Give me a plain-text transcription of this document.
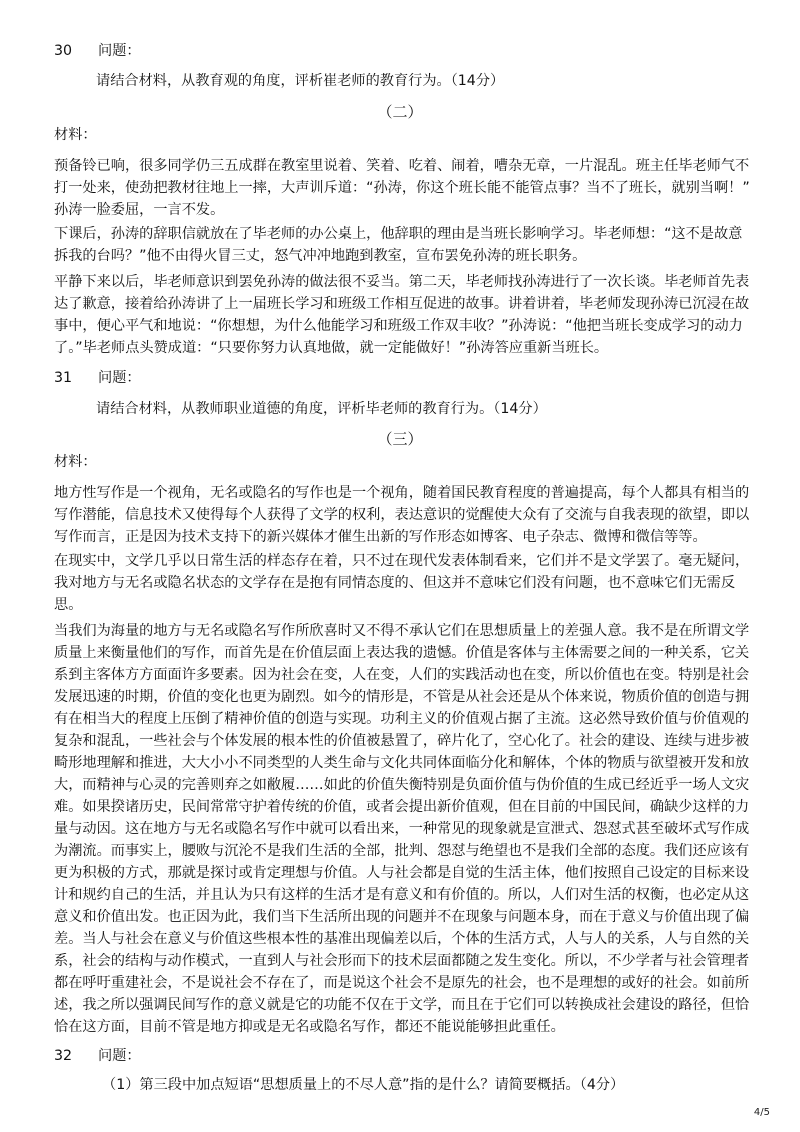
30 问题：
请结合材料，从教育观的角度，评析崔老师的教育行为。（14分）
（二）
材料：
预备铃已响，很多同学仍三五成群在教室里说着、笑着、吃着、闹着，嘈杂无章，一片混乱。班主任毕老师气不
打一处来，使劲把教材往地上一摔，大声训斥道：“孙涛，你这个班长能不能管点事？当不了班长，就别当啊！”
孙涛一脸委屈，一言不发。
下课后，孙涛的辞职信就放在了毕老师的办公桌上，他辞职的理由是当班长影响学习。毕老师想：“这不是故意
拆我的台吗？”他不由得火冒三丈，怒气冲冲地跑到教室，宣布罢免孙涛的班长职务。
平静下来以后，毕老师意识到罢免孙涛的做法很不妥当。第二天，毕老师找孙涛进行了一次长谈。毕老师首先表
达了歉意，接着给孙涛讲了上一届班长学习和班级工作相互促进的故事。讲着讲着，毕老师发现孙涛已沉浸在故
事中，便心平气和地说：“你想想，为什么他能学习和班级工作双丰收？”孙涛说：“他把当班长变成学习的动力
了。”毕老师点头赞成道：“只要你努力认真地做，就一定能做好！”孙涛答应重新当班长。
31 问题：
请结合材料，从教师职业道德的角度，评析毕老师的教育行为。（14分）
（三）
材料：
地方性写作是一个视角，无名或隐名的写作也是一个视角，随着国民教育程度的普遍提高，每个人都具有相当的
写作潜能，信息技术又使得每个人获得了文学的权利，表达意识的觉醒使大众有了交流与自我表现的欲望，即以
写作而言，正是因为技术支持下的新兴媒体才催生出新的写作形态如博客、电子杂志、微博和微信等等。
在现实中，文学几乎以日常生活的样态存在着，只不过在现代发表体制看来，它们并不是文学罢了。毫无疑问，
我对地方与无名或隐名状态的文学存在是抱有同情态度的、但这并不意味它们没有问题，也不意味它们无需反
思。
当我们为海量的地方与无名或隐名写作所欣喜时又不得不承认它们在思想质量上的差强人意。我不是在所谓文学
质量上来衡量他们的写作，而首先是在价值层面上表达我的遗憾。价值是客体与主体需要之间的一种关系，它关
系到主客体方方面面许多要素。因为社会在变，人在变，人们的实践活动也在变，所以价值也在变。特别是社会
发展迅速的时期，价值的变化也更为剧烈。如今的情形是，不管是从社会还是从个体来说，物质价值的创造与拥
有在相当大的程度上压倒了精神价值的创造与实现。功利主义的价值观占据了主流。这必然导致价值与价值观的
复杂和混乱，一些社会与个体发展的根本性的价值被悬置了，碎片化了，空心化了。社会的建设、连续与进步被
畸形地理解和推进，大大小小不同类型的人类生命与文化共同体面临分化和解体，个体的物质与欲望被开发和放
大，而精神与心灵的完善则弃之如敝履……如此的价值失衡特别是负面价值与伪价值的生成已经近乎一场人文灾
难。如果揆诸历史，民间常常守护着传统的价值，或者会提出新价值观，但在目前的中国民间，确缺少这样的力
量与动因。这在地方与无名或隐名写作中就可以看出来，一种常见的现象就是宣泄式、怨怼式甚至破坏式写作成
为潮流。而事实上，腰败与沉沦不是我们生活的全部，批判、怨怼与绝望也不是我们全部的态度。我们还应该有
更为积极的方式，那就是探讨或肯定理想与价值。人与社会都是自觉的生活主体，他们按照自己设定的目标来设
计和规约自己的生活，并且认为只有这样的生活才是有意义和有价值的。所以，人们对生活的权衡，也必定从这
意义和价值出发。也正因为此，我们当下生活所出现的问题并不在现象与问题本身，而在于意义与价值出现了偏
差。当人与社会在意义与价值这些根本性的基准出现偏差以后，个体的生活方式，人与人的关系，人与自然的关
系，社会的结构与动作模式，一直到人与社会形而下的技术层面都随之发生变化。所以，不少学者与社会管理者
都在呼吁重建社会，不是说社会不存在了，而是说这个社会不是原先的社会，也不是理想的或好的社会。如前所
述，我之所以强调民间写作的意义就是它的功能不仅在于文学，而且在于它们可以转换成社会建设的路径，但恰
恰在这方面，目前不管是地方抑或是无名或隐名写作，都还不能说能够担此重任。
32 问题：
（1）第三段中加点短语“思想质量上的不尽人意”指的是什么？请简要概括。（4分）
4/5
